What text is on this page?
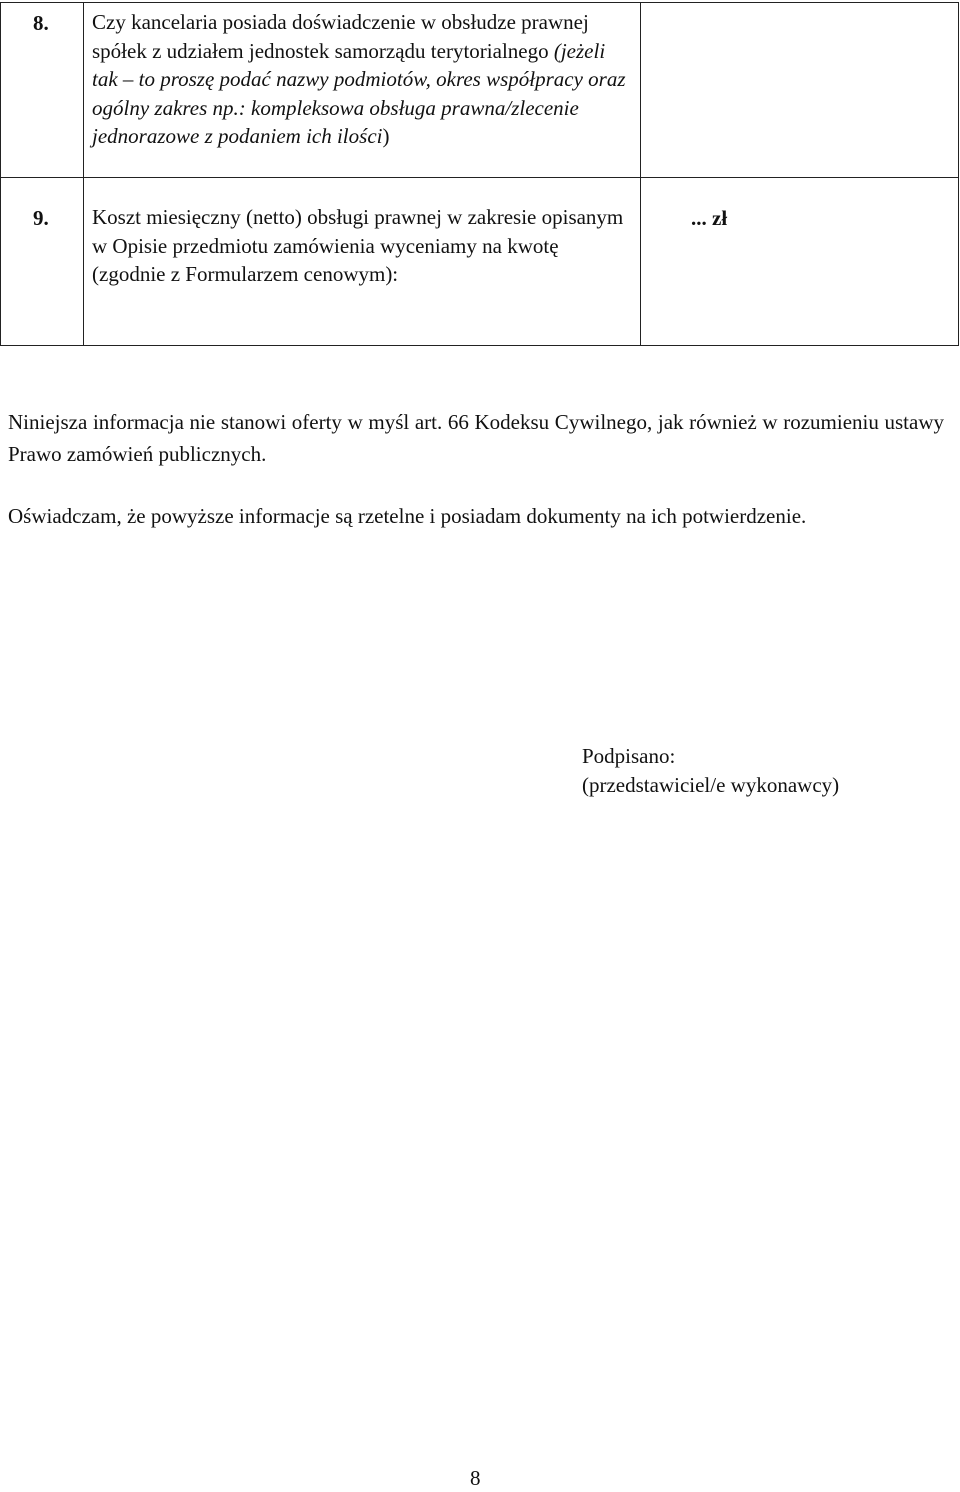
8.	Czy kancelaria posiada doświadczenie w obsłudze prawnej spółek z udziałem jednostek samorządu terytorialnego (jeżeli tak – to proszę podać nazwy podmiotów, okres współpracy oraz ogólny zakres np.: kompleksowa obsługa prawna/zlecenie jednorazowe z podaniem ich ilości)	
9.	Koszt miesięczny (netto) obsługi prawnej w zakresie opisanym w Opisie przedmiotu zamówienia wyceniamy na kwotę (zgodnie z Formularzem cenowym):	... zł

Niniejsza informacja nie stanowi oferty w myśl art. 66 Kodeksu Cywilnego, jak również w rozumieniu ustawy Prawo zamówień publicznych.

Oświadczam, że powyższe informacje są rzetelne i posiadam dokumenty na ich potwierdzenie.

Podpisano:
(przedstawiciel/e wykonawcy)
8
